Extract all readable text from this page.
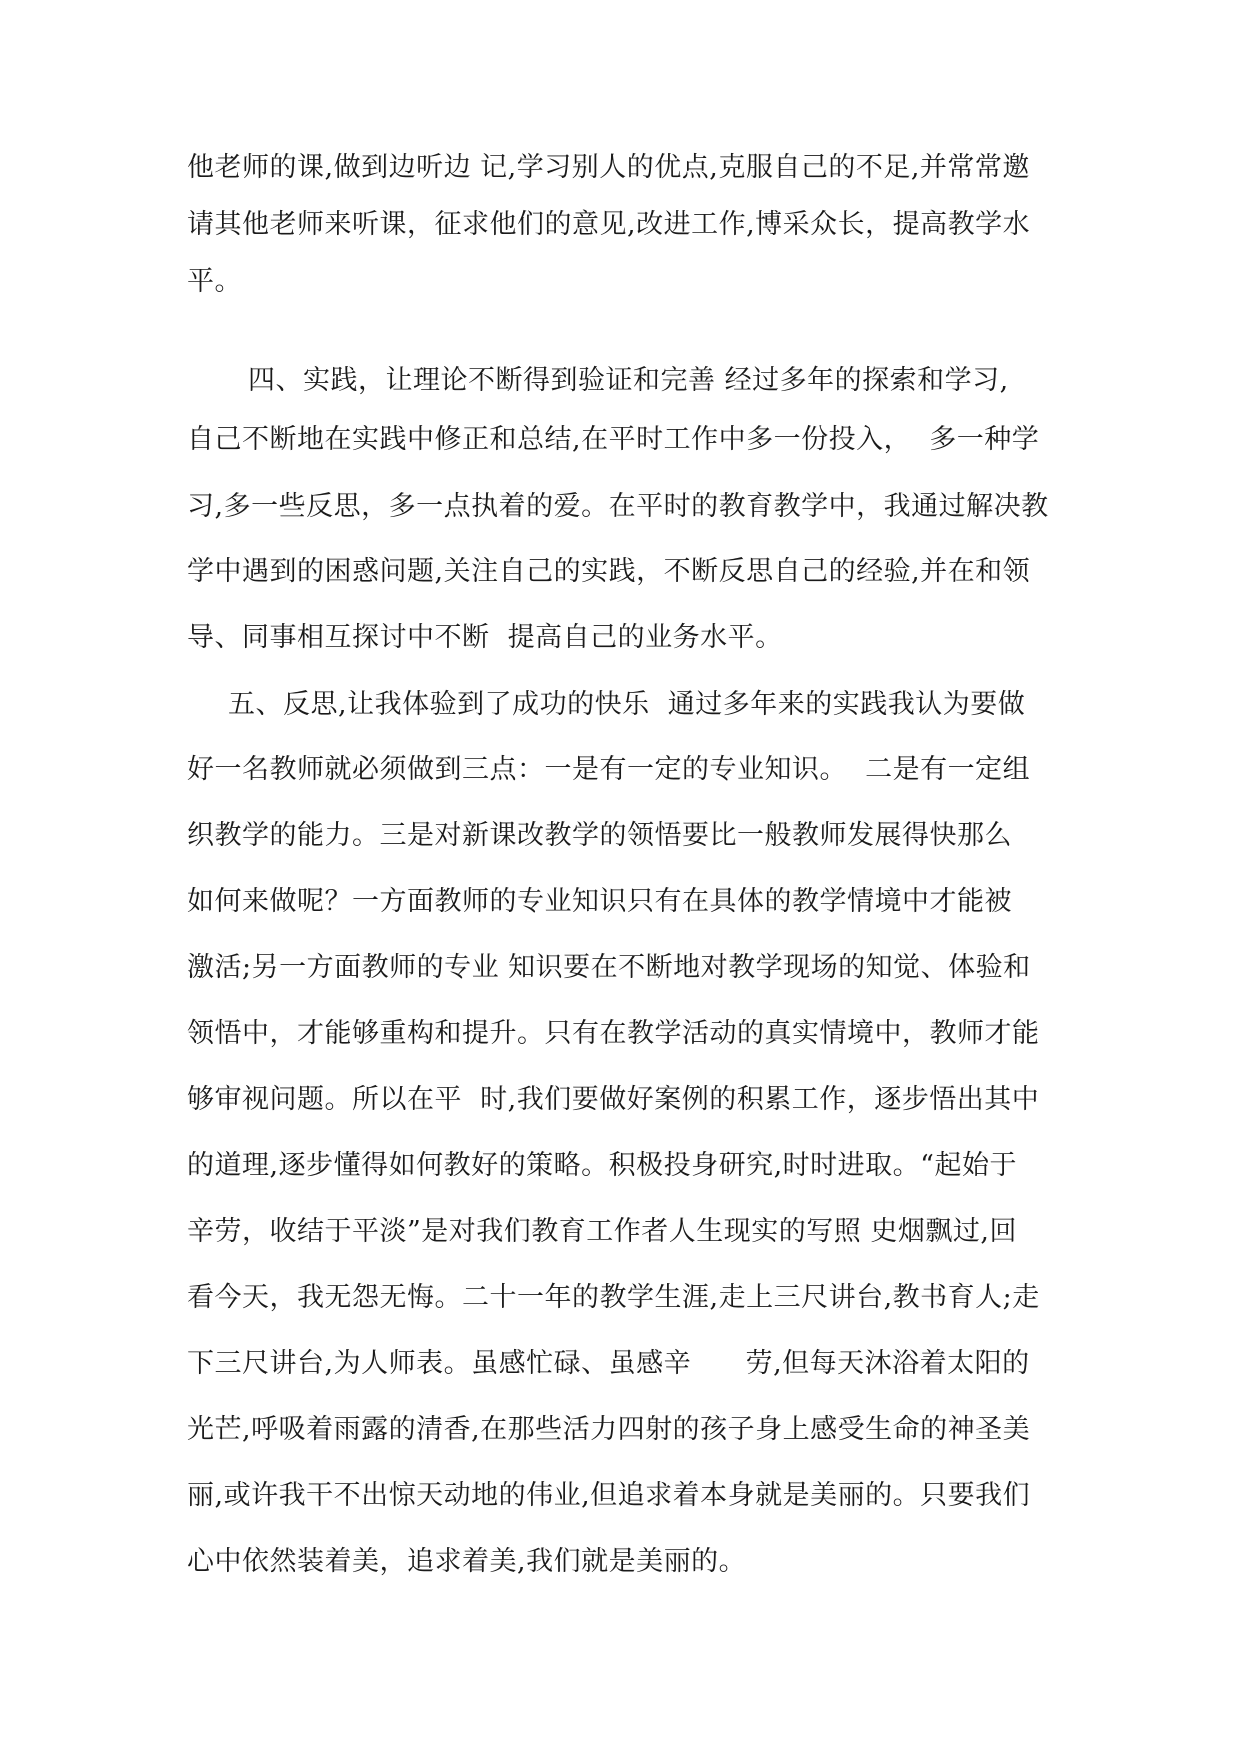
他老师的课,做到边听边 记,学习别人的优点,克服自己的不足,并常常邀
请其他老师来听课，征求他们的意见,改进工作,博采众长，提高教学水
平。
四、实践，让理论不断得到验证和完善 经过多年的探索和学习,
自己不断地在实践中修正和总结,在平时工作中多一份投入，  多一种学
习,多一些反思，多一点执着的爱。在平时的教育教学中，我通过解决教
学中遇到的困惑问题,关注自己的实践，不断反思自己的经验,并在和领
导、同事相互探讨中不断  提高自己的业务水平。
五、反思,让我体验到了成功的快乐  通过多年来的实践我认为要做
好一名教师就必须做到三点：一是有一定的专业知识。  二是有一定组
织教学的能力。三是对新课改教学的领悟要比一般教师发展得快那么
如何来做呢？一方面教师的专业知识只有在具体的教学情境中才能被
激活;另一方面教师的专业 知识要在不断地对教学现场的知觉、体验和
领悟中，才能够重构和提升。只有在教学活动的真实情境中，教师才能
够审视问题。所以在平  时,我们要做好案例的积累工作，逐步悟出其中
的道理,逐步懂得如何教好的策略。积极投身研究,时时进取。“起始于
辛劳，收结于平淡”是对我们教育工作者人生现实的写照 史烟飘过,回
看今天，我无怨无悔。二十一年的教学生涯,走上三尺讲台,教书育人;走
下三尺讲台,为人师表。虽感忙碌、虽感辛      劳,但每天沐浴着太阳的
光芒,呼吸着雨露的清香,在那些活力四射的孩子身上感受生命的神圣美
丽,或许我干不出惊天动地的伟业,但追求着本身就是美丽的。只要我们
心中依然装着美，追求着美,我们就是美丽的。
